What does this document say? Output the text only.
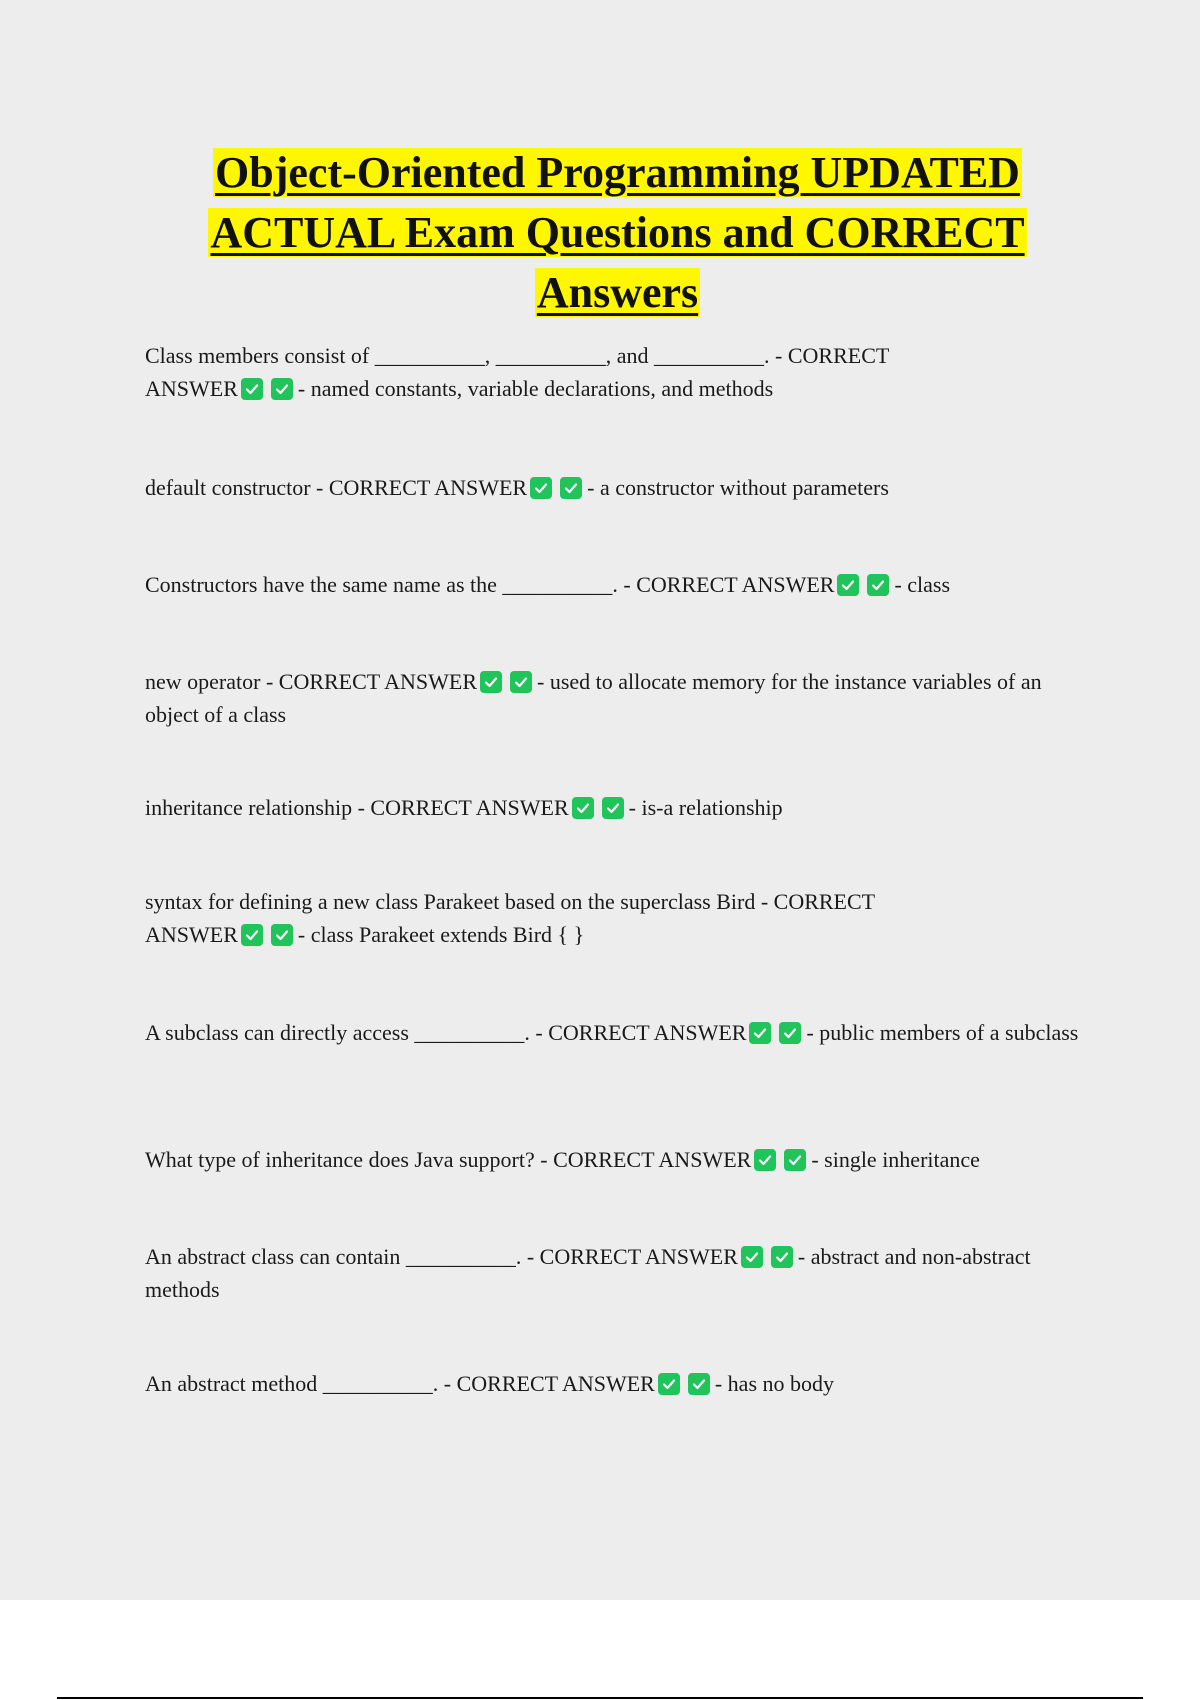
Object-Oriented Programming UPDATED
ACTUAL Exam Questions and CORRECT
Answers
Class members consist of __________, __________, and __________. - CORRECT
ANSWER	- named constants, variable declarations, and methods
default constructor - CORRECT ANSWER	- a constructor without parameters
Constructors have the same name as the __________. - CORRECT ANSWER	- class
new operator - CORRECT ANSWER	- used to allocate memory for the instance variables of an object of a class
inheritance relationship - CORRECT ANSWER	- is-a relationship
syntax for defining a new class Parakeet based on the superclass Bird - CORRECT
ANSWER	- class Parakeet extends Bird { }
A subclass can directly access __________. - CORRECT ANSWER	- public members of a subclass
What type of inheritance does Java support? - CORRECT ANSWER	- single inheritance
An abstract class can contain __________. - CORRECT ANSWER	- abstract and non-abstract methods
An abstract method __________. - CORRECT ANSWER	- has no body
